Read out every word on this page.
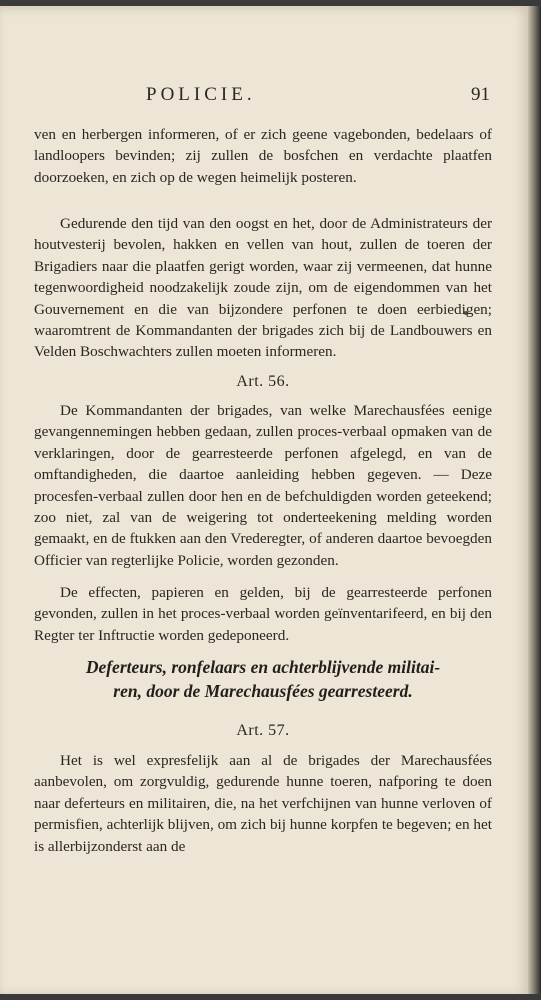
POLICIE.	91

ven en herbergen informeren, of er zich geene vagebonden, bedelaars of landloopers bevinden; zij zullen de bosfchen en verdachte plaatfen doorzoeken, en zich op de wegen heimelijk posteren.

Gedurende den tijd van den oogst en het, door de Administrateurs der houtvesterij bevolen, hakken en vellen van hout, zullen de toeren der Brigadiers naar die plaatfen gerigt worden, waar zij vermeenen, dat hunne tegenwoordigheid noodzakelijk zoude zijn, om de eigendommen van het Gouvernement en die van bijzondere perfonen te doen eerbiedigen; waaromtrent de Kommandanten der brigades zich bij de Landbouwers en Velden Boschwachters zullen moeten informeren.

Art. 56.

De Kommandanten der brigades, van welke Marechausfées eenige gevangennemingen hebben gedaan, zullen proces-verbaal opmaken van de verklaringen, door de gearresteerde perfonen afgelegd, en van de omftandigheden, die daartoe aanleiding hebben gegeven. — Deze procesfen-verbaal zullen door hen en de befchuldigden worden geteekend; zoo niet, zal van de weigering tot onderteekening melding worden gemaakt, en de ftukken aan den Vrederegter, of anderen daartoe bevoegden Officier van regterlijke Policie, worden gezonden.

De effecten, papieren en gelden, bij de gearresteerde perfonen gevonden, zullen in het proces-verbaal worden geïnventarifeerd, en bij den Regter ter Inftructie worden gedeponeerd.

Deferteurs, ronfelaars en achterblijvende militai-
ren, door de Marechausfées gearresteerd.
Art. 57.

Het is wel expresfelijk aan al de brigades der Marechausfées aanbevolen, om zorgvuldig, gedurende hunne toeren, nafporing te doen naar deferteurs en militairen, die, na het verfchijnen van hunne verloven of permisfien, achterlijk blijven, om zich bij hunne korpfen te begeven; en het is allerbijzonderst aan de
